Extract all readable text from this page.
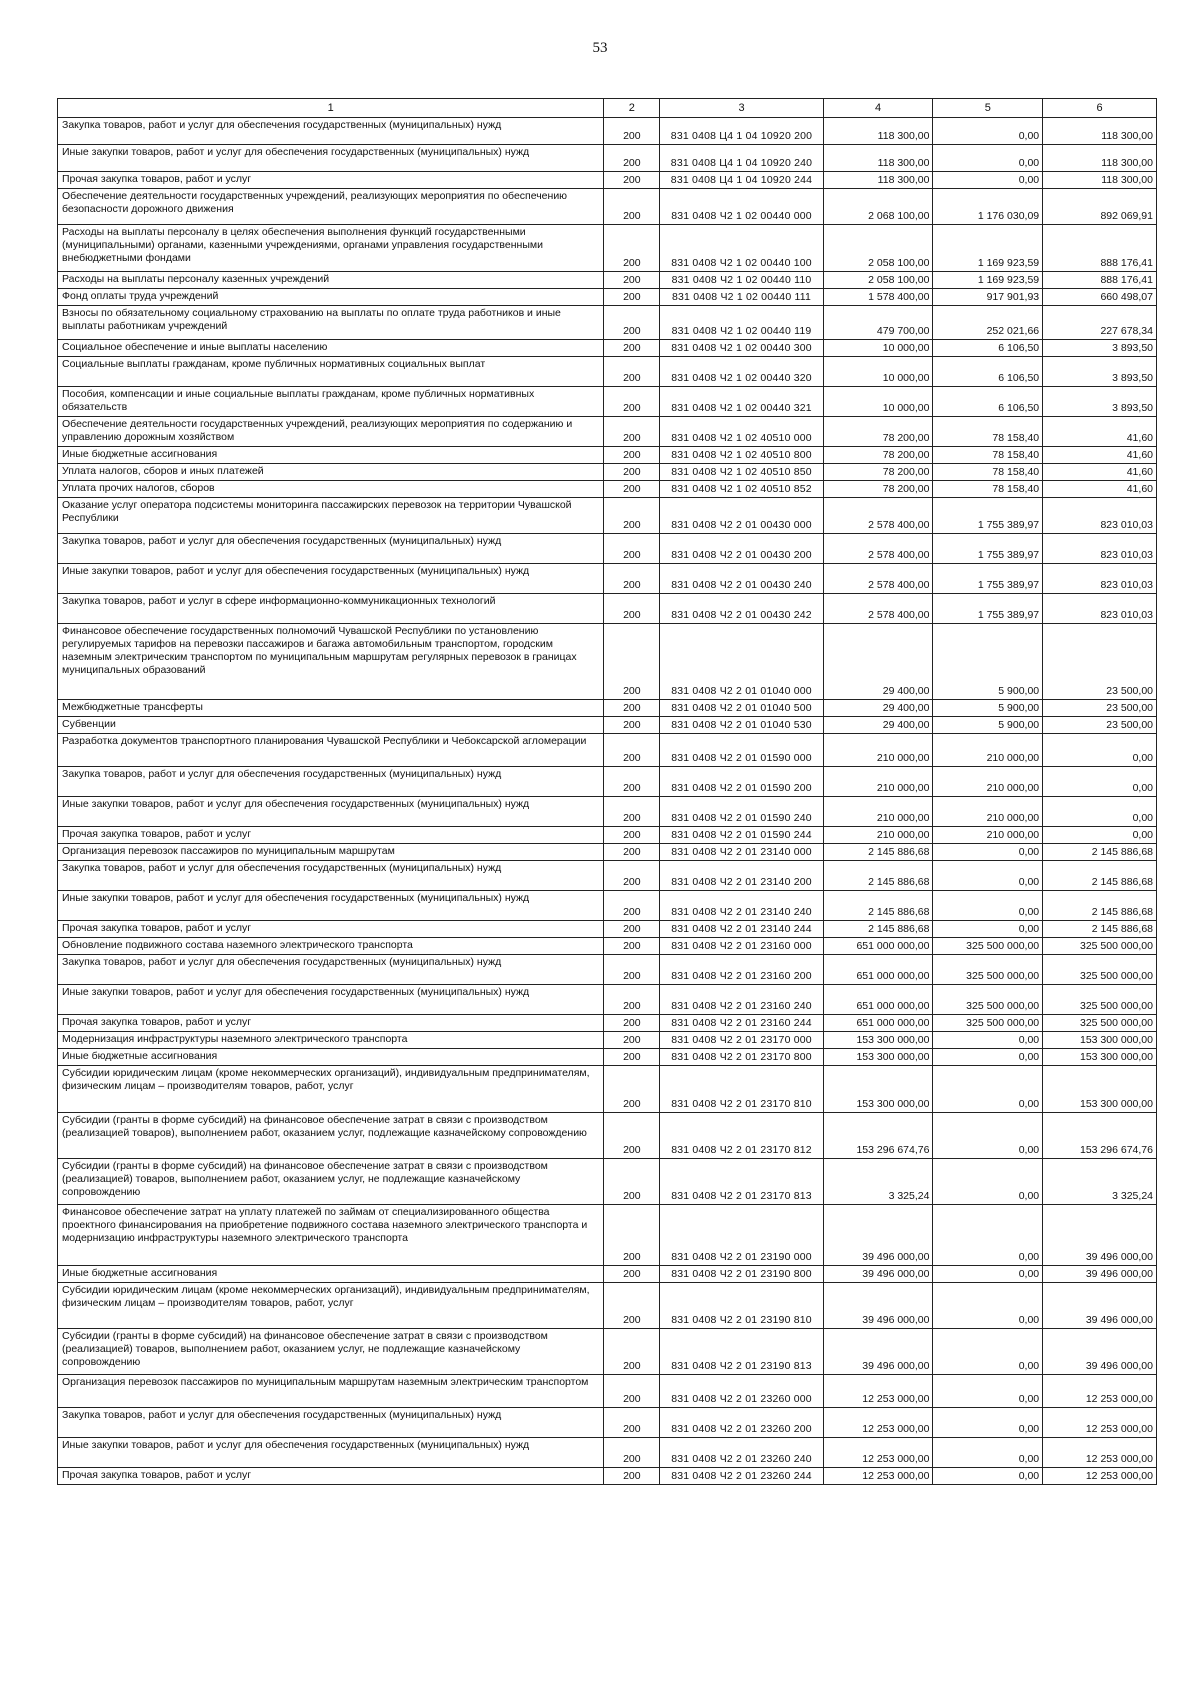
53
1	2	3	4	5	6
Закупка товаров, работ и услуг для обеспечения государственных (муниципальных) нужд	200	831 0408 Ц4 1 04 10920 200	118 300,00	0,00	118 300,00
Иные закупки товаров, работ и услуг для обеспечения государственных (муниципальных) нужд	200	831 0408 Ц4 1 04 10920 240	118 300,00	0,00	118 300,00
Прочая закупка товаров, работ и услуг	200	831 0408 Ц4 1 04 10920 244	118 300,00	0,00	118 300,00
Обеспечение деятельности государственных учреждений, реализующих мероприятия по обеспечению безопасности дорожного движения	200	831 0408 Ч2 1 02 00440 000	2 068 100,00	1 176 030,09	892 069,91
Расходы на выплаты персоналу в целях обеспечения выполнения функций государственными (муниципальными) органами, казенными учреждениями, органами управления государственными внебюджетными фондами	200	831 0408 Ч2 1 02 00440 100	2 058 100,00	1 169 923,59	888 176,41
Расходы на выплаты персоналу казенных учреждений	200	831 0408 Ч2 1 02 00440 110	2 058 100,00	1 169 923,59	888 176,41
Фонд оплаты труда учреждений	200	831 0408 Ч2 1 02 00440 111	1 578 400,00	917 901,93	660 498,07
Взносы по обязательному социальному страхованию на выплаты по оплате труда работников и иные выплаты работникам учреждений	200	831 0408 Ч2 1 02 00440 119	479 700,00	252 021,66	227 678,34
Социальное обеспечение и иные выплаты населению	200	831 0408 Ч2 1 02 00440 300	10 000,00	6 106,50	3 893,50
Социальные выплаты гражданам, кроме публичных нормативных социальных выплат	200	831 0408 Ч2 1 02 00440 320	10 000,00	6 106,50	3 893,50
Пособия, компенсации и иные социальные выплаты гражданам, кроме публичных нормативных обязательств	200	831 0408 Ч2 1 02 00440 321	10 000,00	6 106,50	3 893,50
Обеспечение деятельности государственных учреждений, реализующих мероприятия по содержанию и управлению дорожным хозяйством	200	831 0408 Ч2 1 02 40510 000	78 200,00	78 158,40	41,60
Иные бюджетные ассигнования	200	831 0408 Ч2 1 02 40510 800	78 200,00	78 158,40	41,60
Уплата налогов, сборов и иных платежей	200	831 0408 Ч2 1 02 40510 850	78 200,00	78 158,40	41,60
Уплата прочих налогов, сборов	200	831 0408 Ч2 1 02 40510 852	78 200,00	78 158,40	41,60
Оказание услуг оператора подсистемы мониторинга пассажирских перевозок на территории Чувашской Республики	200	831 0408 Ч2 2 01 00430 000	2 578 400,00	1 755 389,97	823 010,03
Закупка товаров, работ и услуг для обеспечения государственных (муниципальных) нужд	200	831 0408 Ч2 2 01 00430 200	2 578 400,00	1 755 389,97	823 010,03
Иные закупки товаров, работ и услуг для обеспечения государственных (муниципальных) нужд	200	831 0408 Ч2 2 01 00430 240	2 578 400,00	1 755 389,97	823 010,03
Закупка товаров, работ и услуг в сфере информационно-коммуникационных технологий	200	831 0408 Ч2 2 01 00430 242	2 578 400,00	1 755 389,97	823 010,03
Финансовое обеспечение государственных полномочий Чувашской Республики по установлению регулируемых тарифов на перевозки пассажиров и багажа автомобильным транспортом, городским наземным электрическим транспортом по муниципальным маршрутам регулярных перевозок в границах муниципальных образований	200	831 0408 Ч2 2 01 01040 000	29 400,00	5 900,00	23 500,00
Межбюджетные трансферты	200	831 0408 Ч2 2 01 01040 500	29 400,00	5 900,00	23 500,00
Субвенции	200	831 0408 Ч2 2 01 01040 530	29 400,00	5 900,00	23 500,00
Разработка документов транспортного планирования Чувашской Республики и Чебоксарской агломерации	200	831 0408 Ч2 2 01 01590 000	210 000,00	210 000,00	0,00
Закупка товаров, работ и услуг для обеспечения государственных (муниципальных) нужд	200	831 0408 Ч2 2 01 01590 200	210 000,00	210 000,00	0,00
Иные закупки товаров, работ и услуг для обеспечения государственных (муниципальных) нужд	200	831 0408 Ч2 2 01 01590 240	210 000,00	210 000,00	0,00
Прочая закупка товаров, работ и услуг	200	831 0408 Ч2 2 01 01590 244	210 000,00	210 000,00	0,00
Организация перевозок пассажиров по муниципальным маршрутам	200	831 0408 Ч2 2 01 23140 000	2 145 886,68	0,00	2 145 886,68
Закупка товаров, работ и услуг для обеспечения государственных (муниципальных) нужд	200	831 0408 Ч2 2 01 23140 200	2 145 886,68	0,00	2 145 886,68
Иные закупки товаров, работ и услуг для обеспечения государственных (муниципальных) нужд	200	831 0408 Ч2 2 01 23140 240	2 145 886,68	0,00	2 145 886,68
Прочая закупка товаров, работ и услуг	200	831 0408 Ч2 2 01 23140 244	2 145 886,68	0,00	2 145 886,68
Обновление подвижного состава наземного электрического транспорта	200	831 0408 Ч2 2 01 23160 000	651 000 000,00	325 500 000,00	325 500 000,00
Закупка товаров, работ и услуг для обеспечения государственных (муниципальных) нужд	200	831 0408 Ч2 2 01 23160 200	651 000 000,00	325 500 000,00	325 500 000,00
Иные закупки товаров, работ и услуг для обеспечения государственных (муниципальных) нужд	200	831 0408 Ч2 2 01 23160 240	651 000 000,00	325 500 000,00	325 500 000,00
Прочая закупка товаров, работ и услуг	200	831 0408 Ч2 2 01 23160 244	651 000 000,00	325 500 000,00	325 500 000,00
Модернизация инфраструктуры наземного электрического транспорта	200	831 0408 Ч2 2 01 23170 000	153 300 000,00	0,00	153 300 000,00
Иные бюджетные ассигнования	200	831 0408 Ч2 2 01 23170 800	153 300 000,00	0,00	153 300 000,00
Субсидии юридическим лицам (кроме некоммерческих организаций), индивидуальным предпринимателям, физическим лицам – производителям товаров, работ, услуг	200	831 0408 Ч2 2 01 23170 810	153 300 000,00	0,00	153 300 000,00
Субсидии (гранты в форме субсидий) на финансовое обеспечение затрат в связи с производством (реализацией товаров), выполнением работ, оказанием услуг, подлежащие казначейскому сопровождению	200	831 0408 Ч2 2 01 23170 812	153 296 674,76	0,00	153 296 674,76
Субсидии (гранты в форме субсидий) на финансовое обеспечение затрат в связи с производством (реализацией) товаров, выполнением работ, оказанием услуг, не подлежащие казначейскому сопровождению	200	831 0408 Ч2 2 01 23170 813	3 325,24	0,00	3 325,24
Финансовое обеспечение затрат на уплату платежей по займам от специализированного общества проектного финансирования на приобретение подвижного состава наземного электрического транспорта и модернизацию инфраструктуры наземного электрического транспорта	200	831 0408 Ч2 2 01 23190 000	39 496 000,00	0,00	39 496 000,00
Иные бюджетные ассигнования	200	831 0408 Ч2 2 01 23190 800	39 496 000,00	0,00	39 496 000,00
Субсидии юридическим лицам (кроме некоммерческих организаций), индивидуальным предпринимателям, физическим лицам – производителям товаров, работ, услуг	200	831 0408 Ч2 2 01 23190 810	39 496 000,00	0,00	39 496 000,00
Субсидии (гранты в форме субсидий) на финансовое обеспечение затрат в связи с производством (реализацией) товаров, выполнением работ, оказанием услуг, не подлежащие казначейскому сопровождению	200	831 0408 Ч2 2 01 23190 813	39 496 000,00	0,00	39 496 000,00
Организация перевозок пассажиров по муниципальным маршрутам наземным электрическим транспортом	200	831 0408 Ч2 2 01 23260 000	12 253 000,00	0,00	12 253 000,00
Закупка товаров, работ и услуг для обеспечения государственных (муниципальных) нужд	200	831 0408 Ч2 2 01 23260 200	12 253 000,00	0,00	12 253 000,00
Иные закупки товаров, работ и услуг для обеспечения государственных (муниципальных) нужд	200	831 0408 Ч2 2 01 23260 240	12 253 000,00	0,00	12 253 000,00
Прочая закупка товаров, работ и услуг	200	831 0408 Ч2 2 01 23260 244	12 253 000,00	0,00	12 253 000,00
